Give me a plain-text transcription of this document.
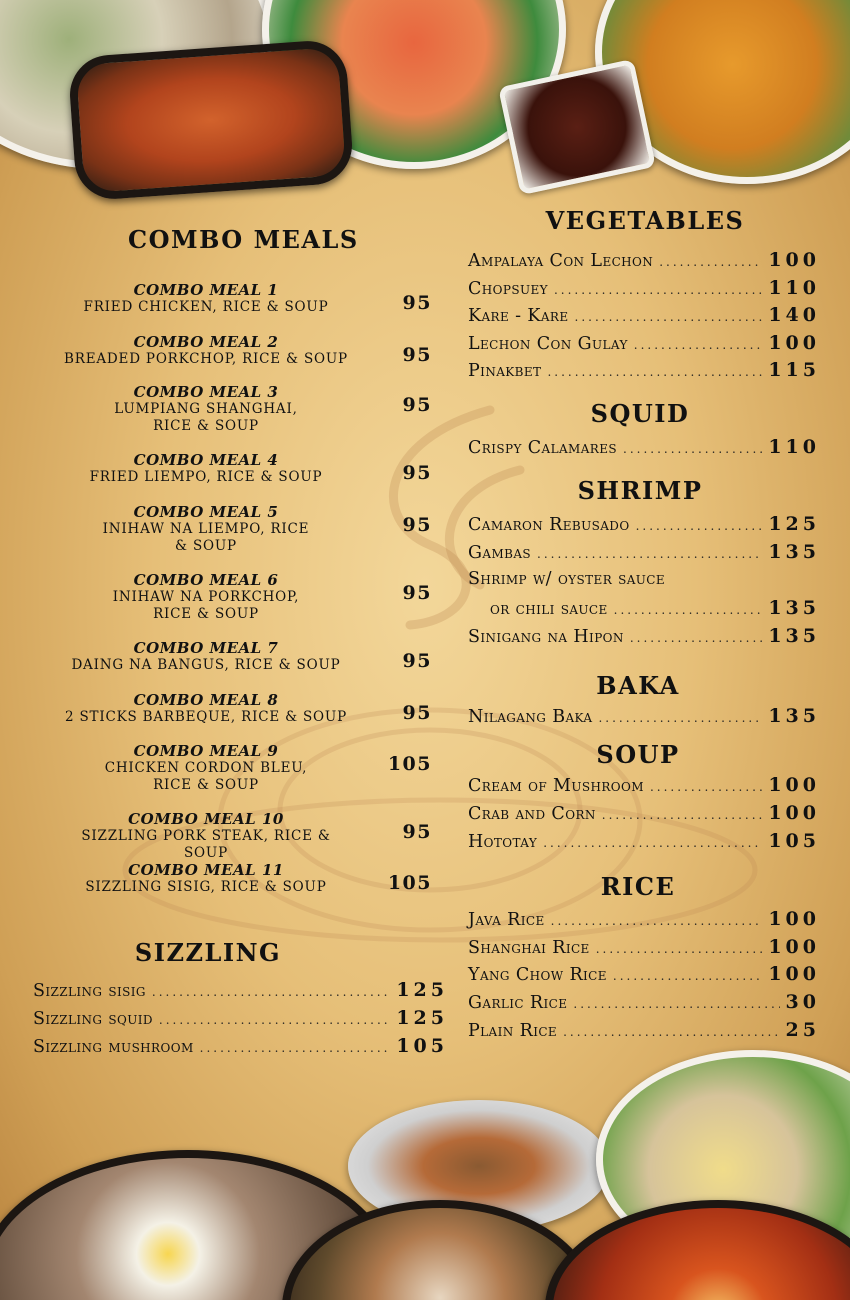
COMBO MEALS
COMBO MEAL 1
FRIED CHICKEN, RICE & SOUP	95
COMBO MEAL 2
BREADED PORKCHOP, RICE & SOUP	95
COMBO MEAL 3
LUMPIANG SHANGHAI,
RICE & SOUP
95
COMBO MEAL 4
FRIED LIEMPO, RICE & SOUP	95
COMBO MEAL 5
INIHAW NA LIEMPO, RICE
& SOUP
95
COMBO MEAL 6
INIHAW NA PORKCHOP,
RICE & SOUP
95
COMBO MEAL 7
DAING NA BANGUS, RICE & SOUP	95
COMBO MEAL 8
2 STICKS BARBEQUE, RICE & SOUP	95
COMBO MEAL 9
CHICKEN CORDON BLEU,
RICE & SOUP
105
COMBO MEAL 10
SIZZLING PORK STEAK, RICE & SOUP
95
COMBO MEAL 11
SIZZLING SISIG, RICE & SOUP	105
SIZZLING
Sizzling sisig .....	125
Sizzling squid .....	125
Sizzling mushroom .....	105
VEGETABLES
Ampalaya Con Lechon .....	100
Chopsuey .....	110
Kare - Kare .....	140
Lechon Con Gulay .....	100
Pinakbet .....	115
SQUID
Crispy Calamares .....	110
SHRIMP
Camaron Rebusado .....	125
Gambas .....	135
Shrimp w/ oyster sauce
or chili sauce .....	135
Sinigang na Hipon .....	135
BAKA
Nilagang Baka .....	135
SOUP
Cream of Mushroom .....	100
Crab and Corn .....	100
Hototay .....	105
RICE
Java Rice .....	100
Shanghai Rice .....	100
Yang Chow Rice .....	100
Garlic Rice .....	30
Plain Rice .....	25
